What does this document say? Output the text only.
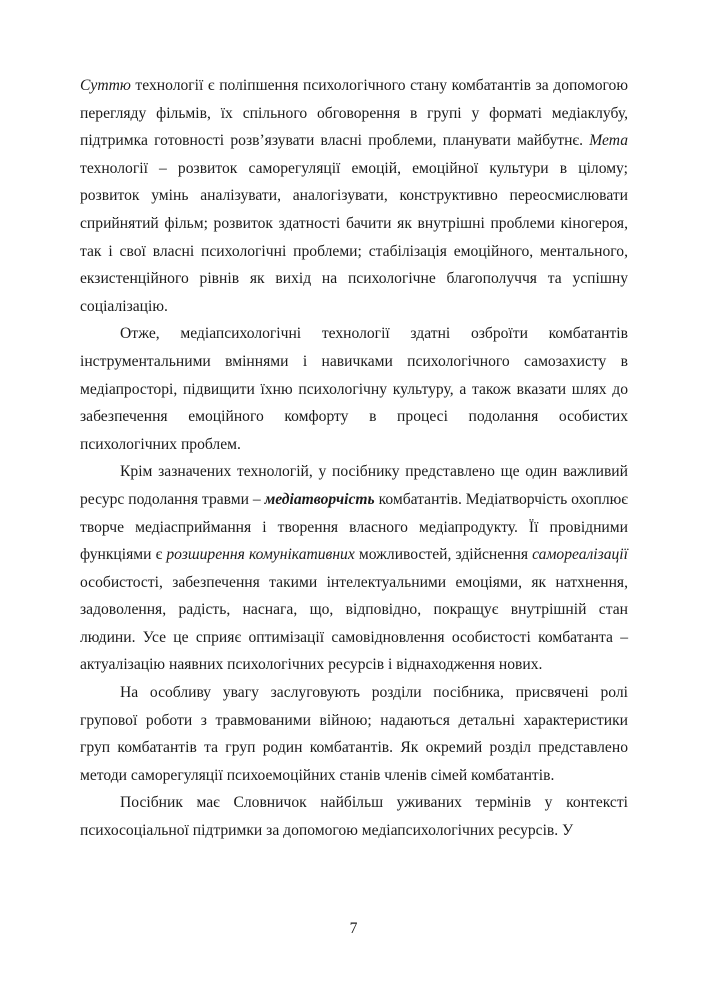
Суттю технології є поліпшення психологічного стану комбатантів за допомогою перегляду фільмів, їх спільного обговорення в групі у форматі медіаклубу, підтримка готовності розв’язувати власні проблеми, планувати майбутнє. Мета технології – розвиток саморегуляції емоцій, емоційної культури в цілому; розвиток умінь аналізувати, аналогізувати, конструктивно переосмислювати сприйнятий фільм; розвиток здатності бачити як внутрішні проблеми кіногероя, так і свої власні психологічні проблеми; стабілізація емоційного, ментального, екзистенційного рівнів як вихід на психологічне благополуччя та успішну соціалізацію.

Отже, медіапсихологічні технології здатні озброїти комбатантів інструментальними вміннями і навичками психологічного самозахисту в медіапросторі, підвищити їхню психологічну культуру, а також вказати шлях до забезпечення емоційного комфорту в процесі подолання особистих психологічних проблем.

Крім зазначених технологій, у посібнику представлено ще один важливий ресурс подолання травми – медіатворчість комбатантів. Медіатворчість охоплює творче медіасприймання і творення власного медіапродукту. Її провідними функціями є розширення комунікативних можливостей, здійснення самореалізації особистості, забезпечення такими інтелектуальними емоціями, як натхнення, задоволення, радість, наснага, що, відповідно, покращує внутрішній стан людини. Усе це сприяє оптимізації самовідновлення особистості комбатанта – актуалізацію наявних психологічних ресурсів і віднаходження нових.

На особливу увагу заслуговують розділи посібника, присвячені ролі групової роботи з травмованими війною; надаються детальні характеристики груп комбатантів та груп родин комбатантів. Як окремий розділ представлено методи саморегуляції психоемоційних станів членів сімей комбатантів.

Посібник має Словничок найбільш уживаних термінів у контексті психосоціальної підтримки за допомогою медіапсихологічних ресурсів. У

7
